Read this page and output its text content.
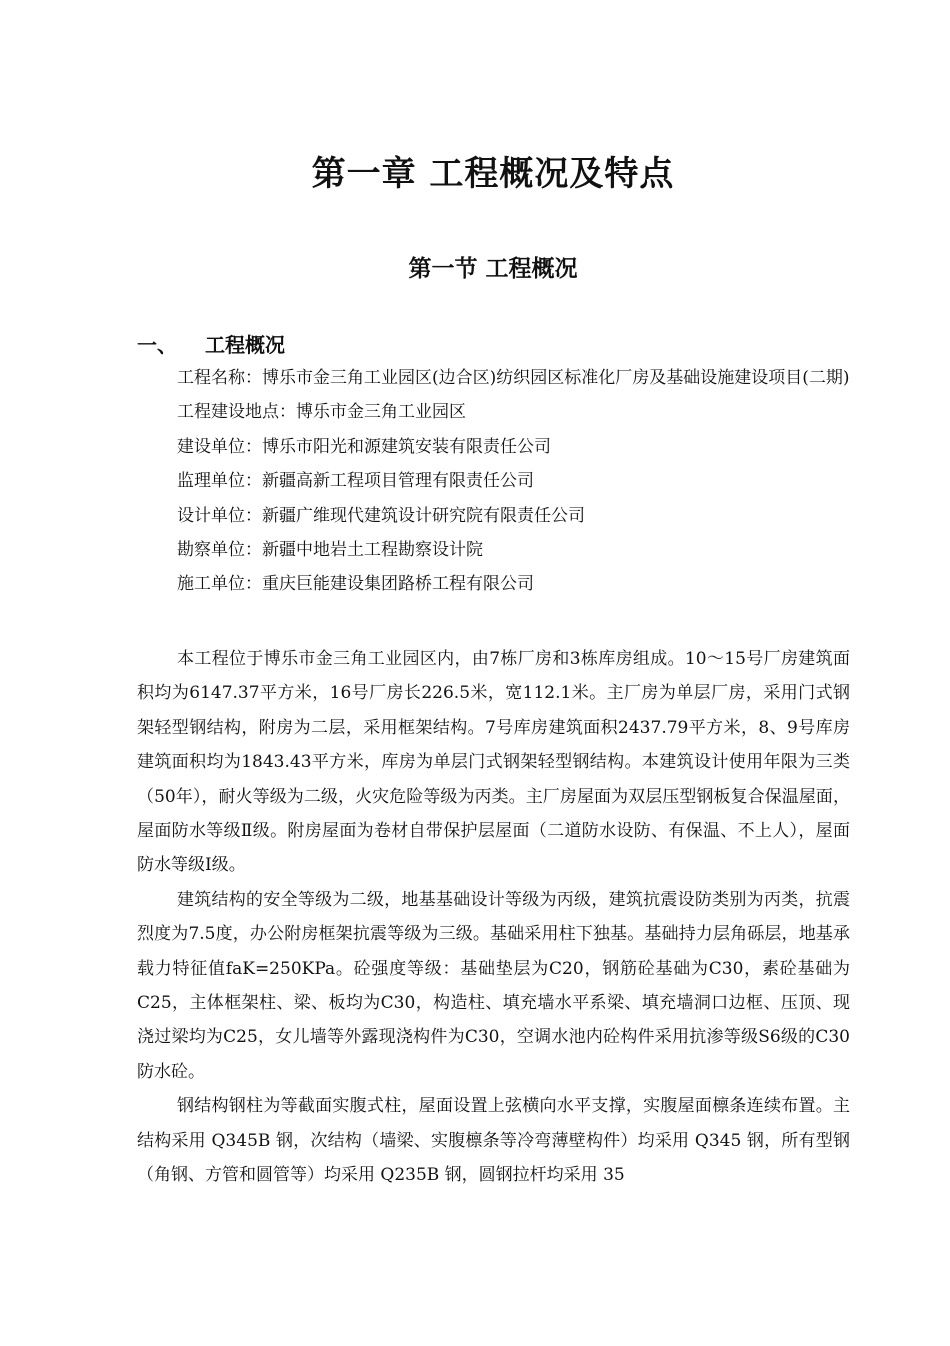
第一章 工程概况及特点
第一节 工程概况
一、 工程概况

工程名称：博乐市金三角工业园区(边合区)纺织园区标准化厂房及基础设施建设项目(二期)

工程建设地点：博乐市金三角工业园区

建设单位：博乐市阳光和源建筑安装有限责任公司

监理单位：新疆高新工程项目管理有限责任公司

设计单位：新疆广维现代建筑设计研究院有限责任公司

勘察单位：新疆中地岩土工程勘察设计院

施工单位：重庆巨能建设集团路桥工程有限公司

本工程位于博乐市金三角工业园区内，由7栋厂房和3栋库房组成。10～15号厂房建筑面积均为6147.37平方米，16号厂房长226.5米，宽112.1米。主厂房为单层厂房，采用门式钢架轻型钢结构，附房为二层，采用框架结构。7号库房建筑面积2437.79平方米，8、9号库房建筑面积均为1843.43平方米，库房为单层门式钢架轻型钢结构。本建筑设计使用年限为三类（50年），耐火等级为二级，火灾危险等级为丙类。主厂房屋面为双层压型钢板复合保温屋面，屋面防水等级Ⅱ级。附房屋面为卷材自带保护层屋面（二道防水设防、有保温、不上人），屋面防水等级Ⅰ级。

建筑结构的安全等级为二级，地基基础设计等级为丙级，建筑抗震设防类别为丙类，抗震烈度为7.5度，办公附房框架抗震等级为三级。基础采用柱下独基。基础持力层角砾层，地基承载力特征值faK=250KPa。砼强度等级：基础垫层为C20，钢筋砼基础为C30，素砼基础为C25，主体框架柱、梁、板均为C30，构造柱、填充墙水平系梁、填充墙洞口边框、压顶、现浇过梁均为C25，女儿墙等外露现浇构件为C30，空调水池内砼构件采用抗渗等级S6级的C30防水砼。

钢结构钢柱为等截面实腹式柱，屋面设置上弦横向水平支撑，实腹屋面檩条连续布置。主结构采用 Q345B 钢，次结构（墙梁、实腹檩条等冷弯薄壁构件）均采用 Q345 钢，所有型钢（角钢、方管和圆管等）均采用 Q235B 钢，圆钢拉杆均采用 35
